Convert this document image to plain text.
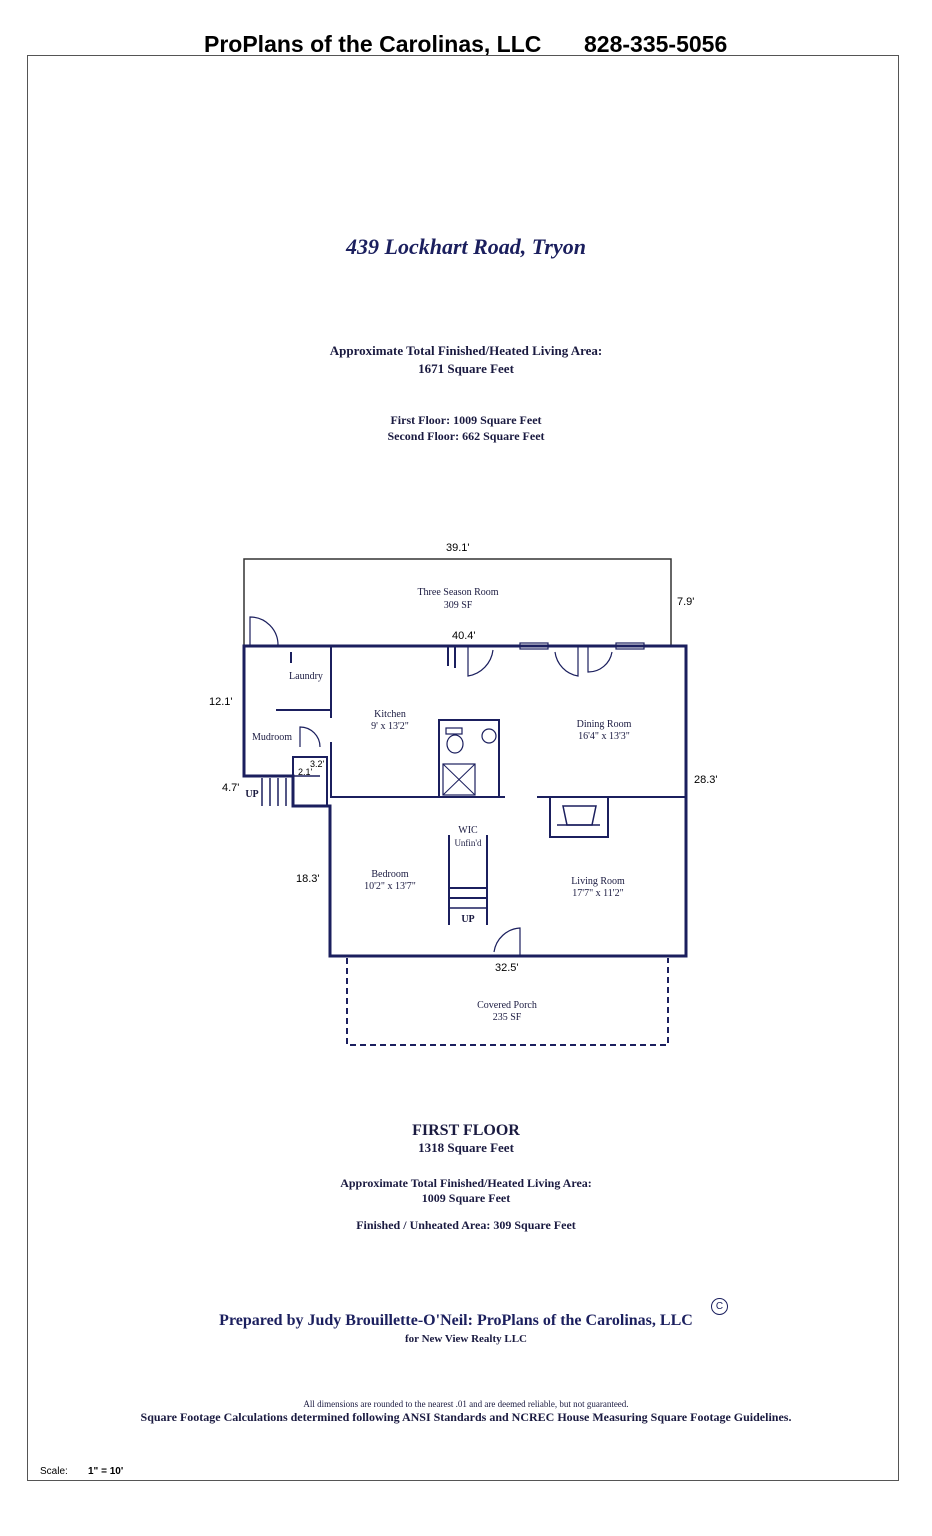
ProPlans of the Carolinas, LLC 828-335-5056
439 Lockhart Road, Tryon
Approximate Total Finished/Heated Living Area:
1671 Square Feet
First Floor: 1009 Square Feet
Second Floor: 662 Square Feet
39.1'
7.9'
40.4'
12.1'
28.3'
4.7'
18.3'
32.5'
3.2'
2.1'
Three Season Room
309 SF
Laundry
Kitchen
9' x 13'2"	Dining Room
16'4" x 13'3"
Mudroom
WIC
Unfin'd
Bedroom
10'2" x 13'7"	Living Room
17'7" x 11'2"
Covered Porch
235 SF
UP
UP
FIRST FLOOR
1318 Square Feet
Approximate Total Finished/Heated Living Area:
1009 Square Feet
Finished / Unheated Area: 309 Square Feet
Prepared by Judy Brouillette-O'Neil: ProPlans of the Carolinas, LLC
C
for New View Realty LLC
All dimensions are rounded to the nearest .01 and are deemed reliable, but not guaranteed.
Square Footage Calculations determined following ANSI Standards and NCREC House Measuring Square Footage Guidelines.
Scale: 1" = 10'
